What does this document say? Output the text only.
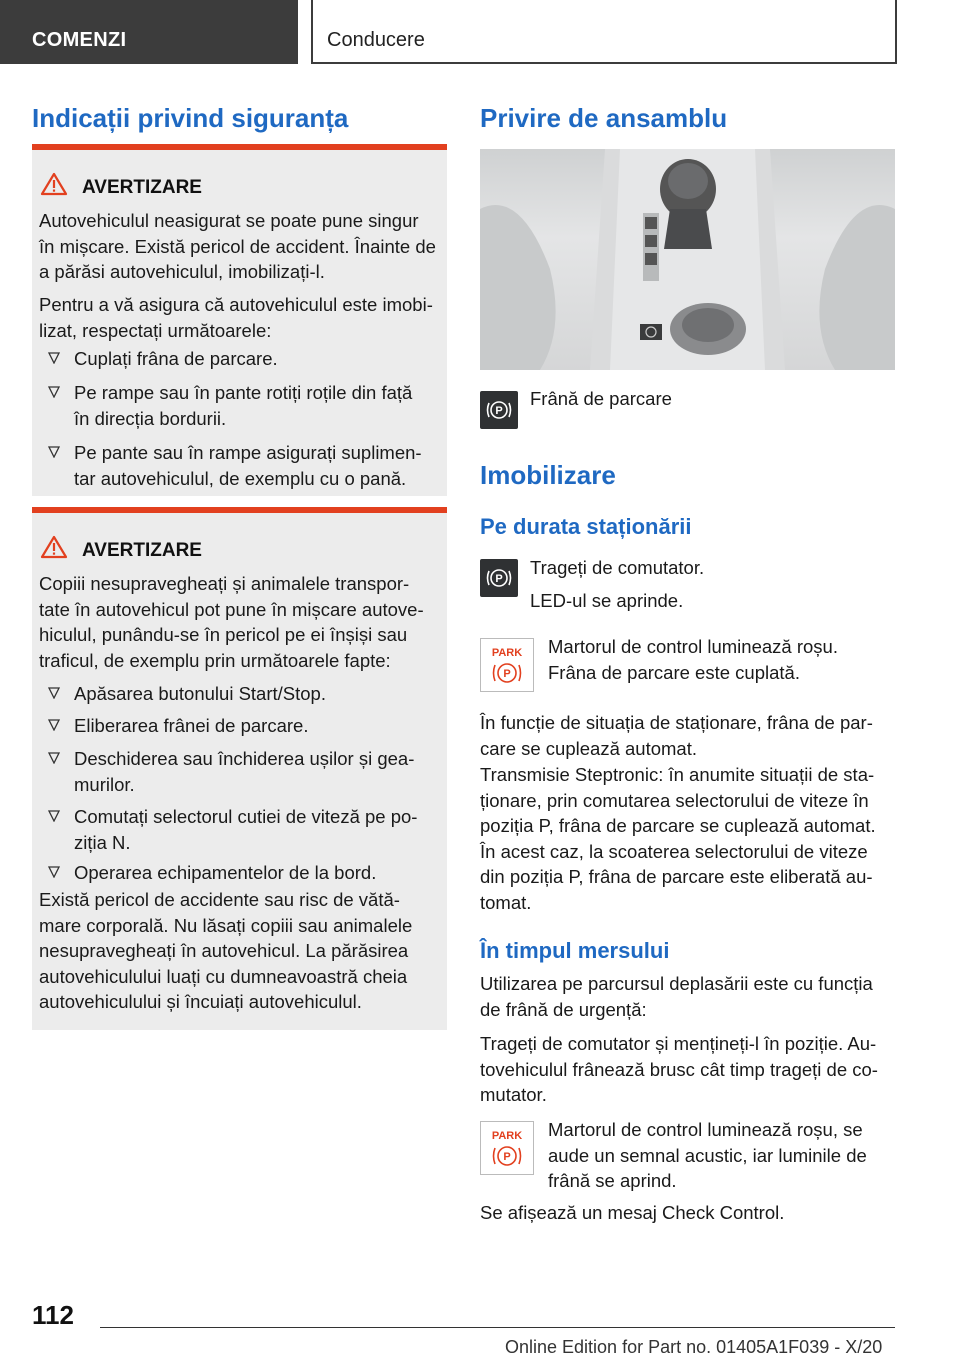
COMENZI	Conducere
Indicații privind siguranța
AVERTIZARE

Autovehiculul neasigurat se poate pune singur
în mișcare. Există pericol de accident. Înainte de
a părăsi autovehiculul, imobilizați-l.

Pentru a vă asigura că autovehiculul este imobi-
lizat, respectați următoarele:

Cuplați frâna de parcare.
Pe rampe sau în pante rotiți roțile din față
în direcția bordurii.
Pe pante sau în rampe asigurați suplimen-
tar autovehiculul, de exemplu cu o pană.
AVERTIZARE

Copiii nesupravegheați și animalele transpor-
tate în autovehicul pot pune în mișcare autove-
hiculul, punându-se în pericol pe ei înșiși sau
traficul, de exemplu prin următoarele fapte:

Apăsarea butonului Start/Stop.
Eliberarea frânei de parcare.
Deschiderea sau închiderea ușilor și gea-
murilor.
Comutați selectorul cutiei de viteză pe po-
ziția N.
Operarea echipamentelor de la bord.

Există pericol de accidente sau risc de vătă-
mare corporală. Nu lăsați copiii sau animalele
nesupravegheați în autovehicul. La părăsirea
autovehiculului luați cu dumneavoastră cheia
autovehiculului și încuiați autovehiculul.

Privire de ansamblu
P

Frână de parcare

Imobilizare
Pe durata staționării
P

Trageți de comutator.
LED-ul se aprinde.

PARK
P

Martorul de control luminează roșu.
Frâna de parcare este cuplată.

În funcție de situația de staționare, frâna de par-
care se cuplează automat.

Transmisie Steptronic: în anumite situații de sta-
ționare, prin comutarea selectorului de viteze în
poziția P, frâna de parcare se cuplează automat.
În acest caz, la scoaterea selectorului de viteze
din poziția P, frâna de parcare este eliberată au-
tomat.

În timpul mersului

Utilizarea pe parcursul deplasării este cu funcția
de frână de urgență:

Trageți de comutator și mențineți-l în poziție. Au-
tovehiculul frânează brusc cât timp trageți de co-
mutator.

PARK
P

Martorul de control luminează roșu, se
aude un semnal acustic, iar luminile de
frână se aprind.

Se afișează un mesaj Check Control.

112
Online Edition for Part no. 01405A1F039 - X/20
